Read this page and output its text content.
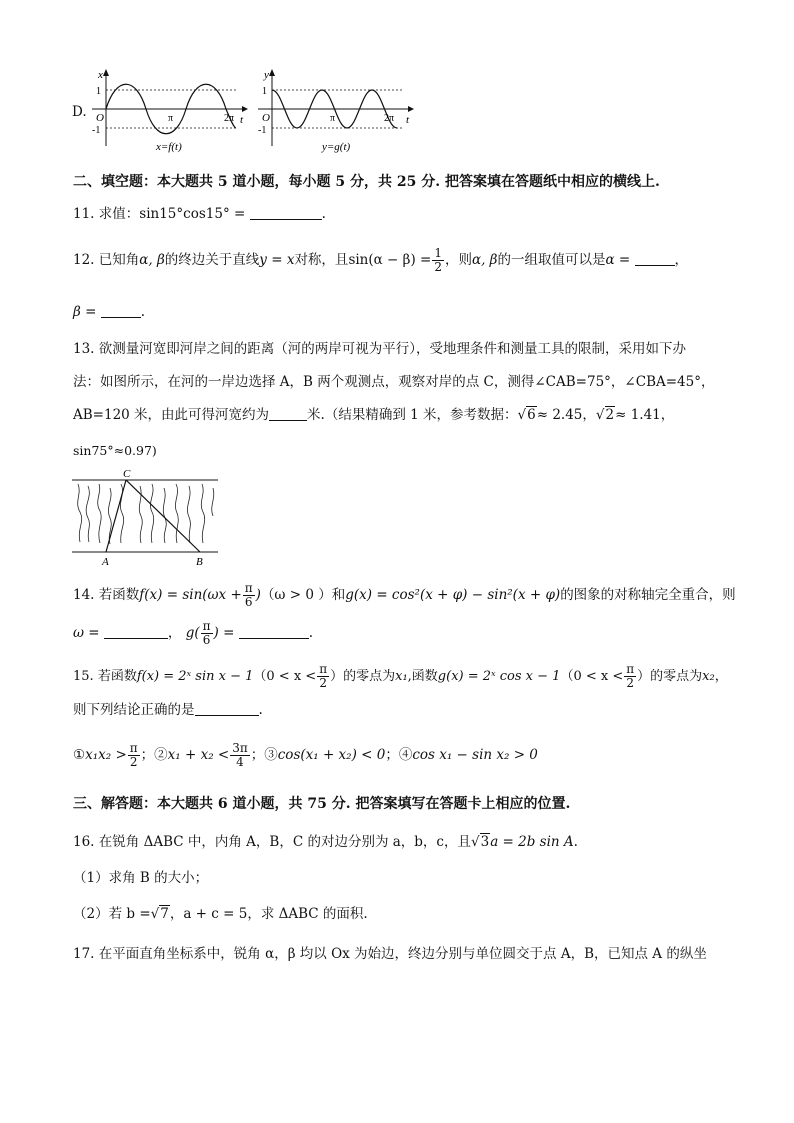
D.
x
t
1
-1
O	π	2π
x=f(t)
y
t
1
-1
O	π	2π
y=g(t)
二、填空题：本大题共 5 道小题，每小题 5 分，共 25 分. 把答案填在答题纸中相应的横线上.
11. 求值：sin15°cos15° =	.
12. 已知角α, β的终边关于直线y = x对称，且$\sin(\alpha - \beta) = \frac{1}{2}$ ，则α, β的一组取值可以是α =	，
β =	.
13. 欲测量河宽即河岸之间的距离（河的两岸可视为平行），受地理条件和测量工具的限制，采用如下办
法：如图所示，在河的一岸边选择 A，B 两个观测点，观察对岸的点 C，测得∠CAB=75°，∠CBA=45°，
AB=120 米，由此可得河宽约为	米.（结果精确到 1 米，参考数据：√6≈ 2.45，√2≈ 1.41，
sin75°≈0.97)
C
A	B
14. 若函数$f(x) = \sin(\omega x + \frac{\pi}{6} )(\omega > 0$ ）和g(x) = cos²(x + φ) − sin²(x + φ)的图象的对称轴完全重合，则
ω =	， $g( \frac{\pi}{6}$ ) =	.
15. 若函数f(x) = 2ˣ $\sin x - 1(0 < x < \frac{\pi}{2}$ ）的零点为x₁,函数g(x) = 2ˣ $\cos x - 1(0 < x < \frac{\pi}{2}$ ）的零点为x₂，
则下列结论正确的是	.
①x₁x₂ > $\frac{\pi}{2}$ ；②x₁ + $x_2 < \frac{3\pi}{4}$ ；③cos(x₁ + x₂) < 0；④cos x₁ − sin x₂ > 0
三、解答题：本大题共 6 道小题，共 75 分. 把答案填写在答题卡上相应的位置.
16. 在锐角 ΔABC 中，内角 A，B，C 的对边分别为 a，b，c，且√3a = 2b sin A.
（1）求角 B 的大小；
（2）若 b =√7，a + c = 5，求 ΔABC 的面积.
17. 在平面直角坐标系中，锐角 α，β 均以 Ox 为始边，终边分别与单位圆交于点 A，B，已知点 A 的纵坐
